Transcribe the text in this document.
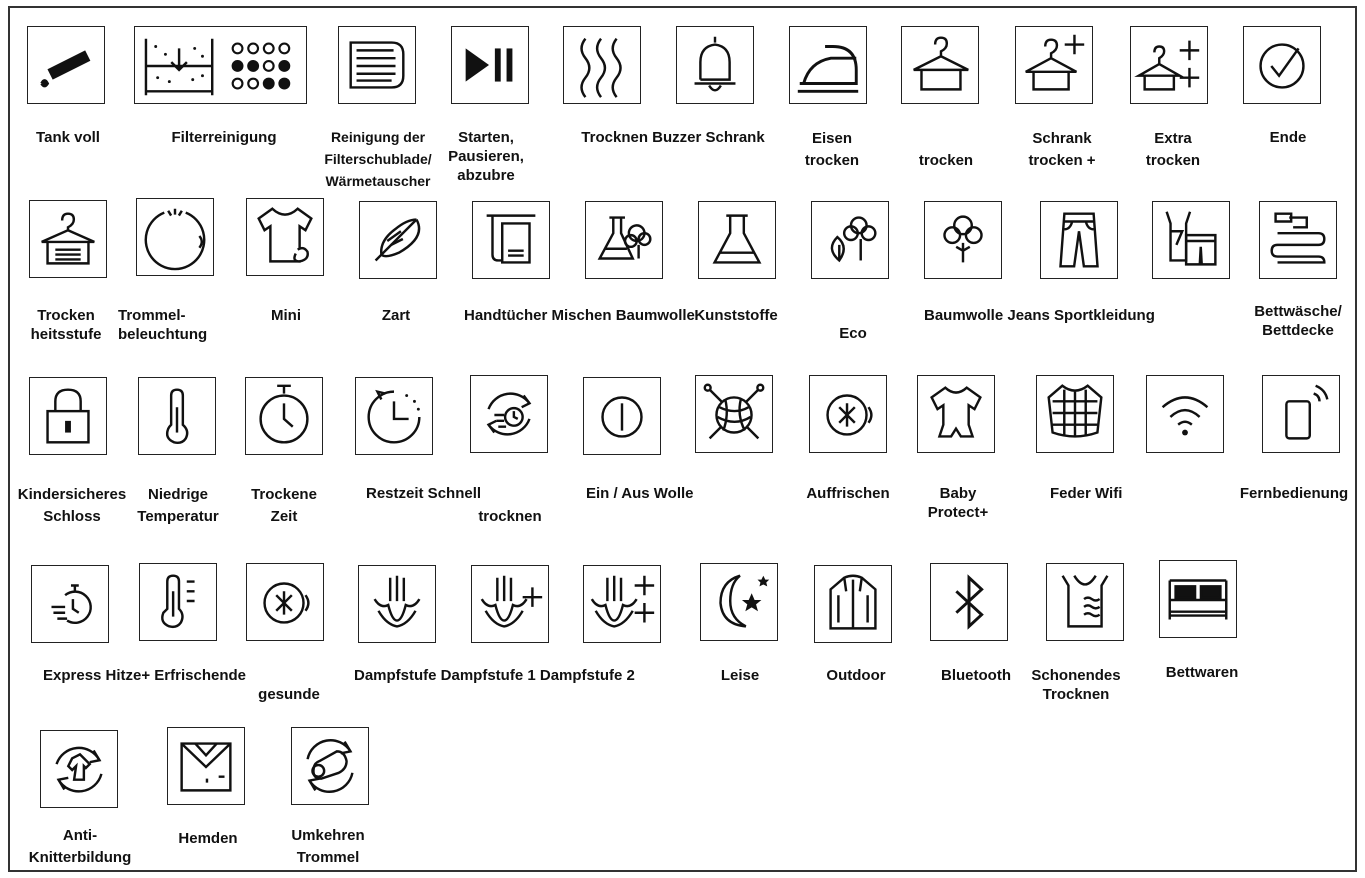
Tank voll	Filterreinigung	Reinigung der
Filterschublade/
Wärmetauscher
Starten,
Pausieren,
abzubre
Trocknen Buzzer Schrank	Eisen
trocken	trocken
Schrank
trocken +
Extra
trocken
Ende
Trocken
heitsstufe
Trommel-
beleuchtung
Mini	Zart	Handtücher Mischen Baumwolle Kunststoffe
Eco
Baumwolle Jeans Sportkleidung	Bettwäsche/
Bettdecke
Kindersicheres
Schloss
Niedrige
Temperatur
Trockene
Zeit
Restzeit Schnell
trocknen
Ein / Aus Wolle	Auffrischen	Baby
Protect+
Feder Wifi	Fernbedienung
Express Hitze+ Erfrischende
gesunde
Dampfstufe Dampfstufe 1 Dampfstufe 2	Leise	Outdoor	Bluetooth	Schonendes
Trocknen
Bettwaren
Anti-
Knitterbildung
Hemden	Umkehren
Trommel
